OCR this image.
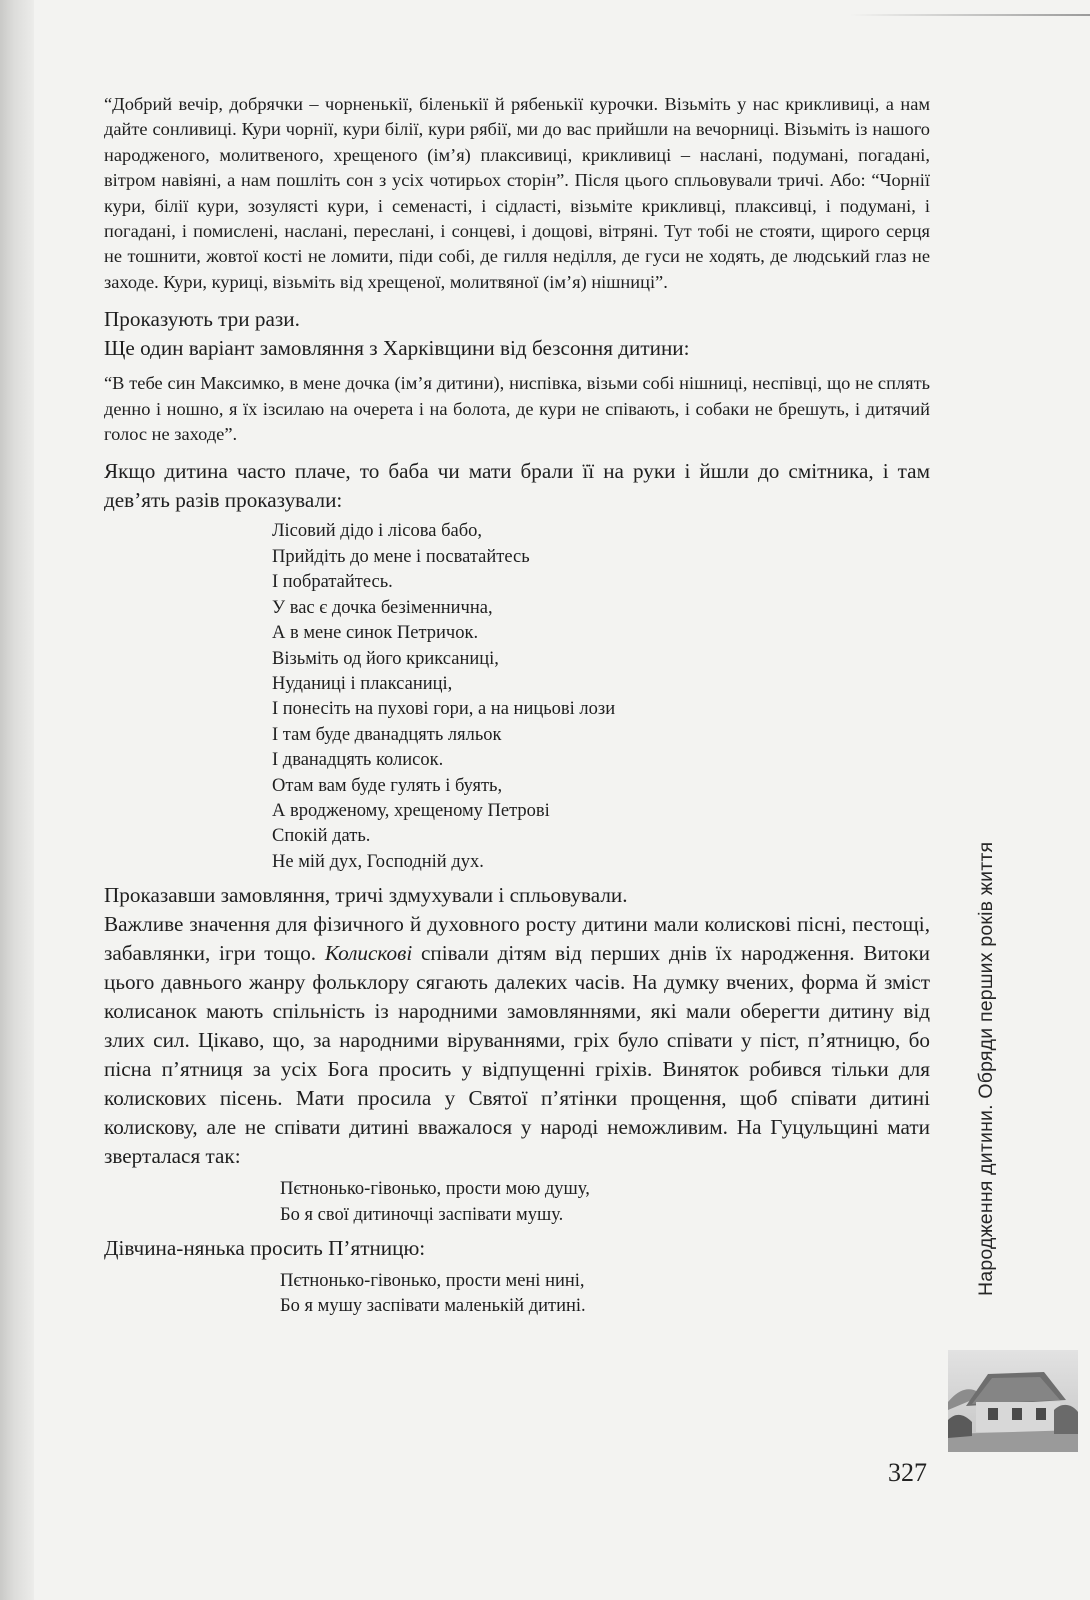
“Добрий вечір, добрячки – чорненькії, біленькії й рябенькії курочки. Візьміть у нас крикливиці, а нам дайте сонливиці. Кури чорнії, кури білії, кури рябії, ми до вас прийшли на вечорниці. Візьміть із нашого народженого, молитвеного, хрещеного (ім’я) плаксивиці, крикливиці – наслані, подумані, погадані, вітром навіяні, а нам пошліть сон з усіх чотирьох сторін”. Після цього спльовували тричі. Або: “Чорнії кури, білії кури, зозулясті кури, і семенасті, і сідласті, візьміте крикливці, плаксивці, і подумані, і погадані, і помислені, наслані, переслані, і сонцеві, і дощові, вітряні. Тут тобі не стояти, щирого серця не тошнити, жовтої кості не ломити, піди собі, де гилля неділля, де гуси не ходять, де людський глаз не заходе. Кури, куриці, візьміть від хрещеної, молитвяної (ім’я) нішниці”.

Проказують три рази.

Ще один варіант замовляння з Харківщини від безсоння дитини:

“В тебе син Максимко, в мене дочка (ім’я дитини), ниспівка, візьми собі нішниці, неспівці, що не сплять денно і ношно, я їх ізсилаю на очерета і на болота, де кури не співають, і собаки не брешуть, і дитячий голос не заходе”.

Якщо дитина часто плаче, то баба чи мати брали її на руки і йшли до смітника, і там дев’ять разів проказували:

Лісовий дідо і лісова бабо,
Прийдіть до мене і посватайтесь
І побратайтесь.
У вас є дочка безіменнична,
А в мене синок Петричок.
Візьміть од його криксаниці,
Нуданиці і плаксаниці,
І понесіть на пухові гори, а на ницьові лози
І там буде дванадцять ляльок
І дванадцять колисок.
Отам вам буде гулять і буять,
А вродженому, хрещеному Петрові
Спокій дать.
Не мій дух, Господній дух.

Проказавши замовляння, тричі здмухували і спльовували.

Важливе значення для фізичного й духовного росту дитини мали колискові пісні, пестощі, забавлянки, ігри тощо. Колискові співали дітям від перших днів їх народження. Витоки цього давнього жанру фольклору сягають далеких часів. На думку вчених, форма й зміст колисанок мають спільність із народними замовляннями, які мали оберегти дитину від злих сил. Цікаво, що, за народними віруваннями, гріх було співати у піст, п’ятницю, бо пісна п’ятниця за усіх Бога просить у відпущенні гріхів. Виняток робився тільки для колискових пісень. Мати просила у Святої п’ятінки прощення, щоб співати дитині колискову, але не співати дитині вважалося у народі неможливим. На Гуцульщині мати зверталася так:

Пєтнонько-гівонько, прости мою душу,
Бо я свої дитиночці заспівати мушу.

Дівчина-нянька просить П’ятницю:

Пєтнонько-гівонько, прости мені нині,
Бо я мушу заспівати маленькій дитині.
Народження дитини. Обряди перших років життя
327
